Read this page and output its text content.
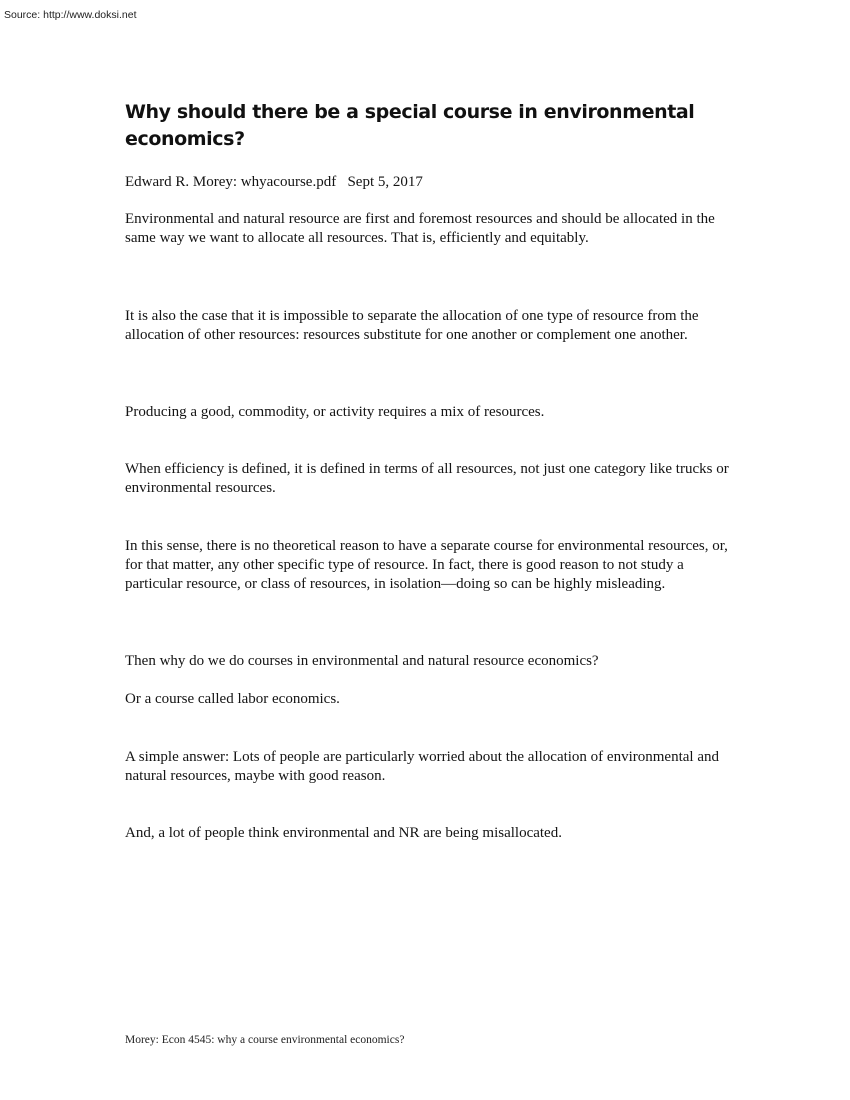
Source: http://www.doksi.net

Why should there be a special course in environmental economics?

Edward R. Morey: whyacourse.pdf   Sept 5, 2017

Environmental and natural resource are first and foremost resources and should be allocated in the same way we want to allocate all resources. That is, efficiently and equitably.

It is also the case that it is impossible to separate the allocation of one type of resource from the allocation of other resources: resources substitute for one another or complement one another.

Producing a good, commodity, or activity requires a mix of resources.

When efficiency is defined, it is defined in terms of all resources, not just one category like trucks or environmental resources.

In this sense, there is no theoretical reason to have a separate course for environmental resources, or, for that matter, any other specific type of resource. In fact, there is good reason to not study a particular resource, or class of resources, in isolation—doing so can be highly misleading.

Then why do we do courses in environmental and natural resource economics?

Or a course called labor economics.

A simple answer: Lots of people are particularly worried about the allocation of environmental and natural resources, maybe with good reason.

And, a lot of people think environmental and NR are being misallocated.

Morey: Econ 4545: why a course environmental economics?
